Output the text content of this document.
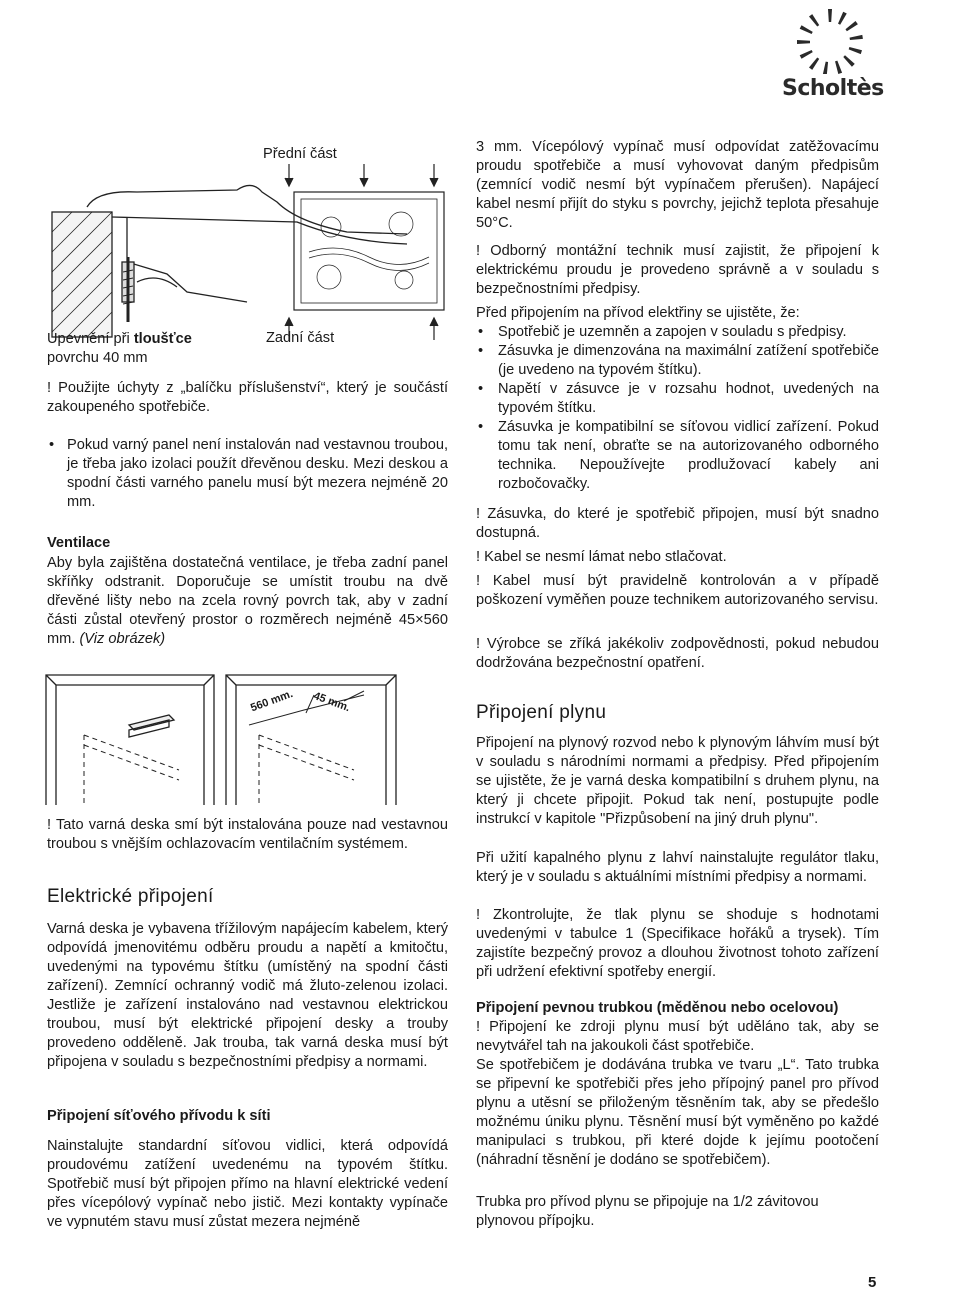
Scholtès
Přední část
Zadní část
Upevnění při tloušťce
povrchu 40 mm

! Použijte úchyty z „balíčku příslušenství“, který je součástí zakoupeného spotřebiče.

• Pokud varný panel není instalován nad vestavnou troubou, je třeba jako izolaci použít dřevěnou desku. Mezi deskou a spodní části varného panelu musí být mezera nejméně 20 mm.
Ventilace

Aby byla zajištěna dostatečná ventilace, je třeba zadní panel skříňky odstranit. Doporučuje se umístit troubu na dvě dřevěné lišty nebo na zcela rovný povrch tak, aby v zadní části zůstal otevřený prostor o rozměrech nejméně 45×560 mm. (Viz obrázek)

560 mm. 45 mm.

! Tato varná deska smí být instalována pouze nad vestavnou troubou s vnějším ochlazovacím ventilačním systémem.

Elektrické připojení

Varná deska je vybavena třížilovým napájecím kabelem, který odpovídá jmenovitému odběru proudu a napětí a kmitočtu, uvedenými na typovému štítku (umístěný na spodní části zařízení). Zemnící ochranný vodič má žluto-zelenou izolaci. Jestliže je zařízení instalováno nad vestavnou elektrickou troubou, musí být elektrické připojení desky a trouby provedeno odděleně. Jak trouba, tak varná deska musí být připojena v souladu s bezpečnostními předpisy a normami.

Připojení síťového přívodu k síti

Nainstalujte standardní síťovou vidlici, která odpovídá proudovému zatížení uvedenému na typovém štítku. Spotřebič musí být připojen přímo na hlavní elektrické vedení přes vícepólový vypínač nebo jistič. Mezi kontakty vypínače ve vypnutém stavu musí zůstat mezera nejméně

3 mm. Vícepólový vypínač musí odpovídat zatěžovacímu proudu spotřebiče a musí vyhovovat daným předpisům (zemnící vodič nesmí být vypínačem přerušen). Napájecí kabel nesmí přijít do styku s povrchy, jejichž teplota přesahuje 50°C.

! Odborný montážní technik musí zajistit, že připojení k elektrickému proudu je provedeno správně a v souladu s bezpečnostními předpisy.

Před připojením na přívod elektřiny se ujistěte, že:

• Spotřebič je uzemněn a zapojen v souladu s předpisy.
• Zásuvka je dimenzována na maximální zatížení spotřebiče (je uvedeno na typovém štítku).
• Napětí v zásuvce je v rozsahu hodnot, uvedených na typovém štítku.
• Zásuvka je kompatibilní se síťovou vidlicí zařízení. Pokud tomu tak není, obraťte se na autorizovaného odborného technika. Nepoužívejte prodlužovací kabely ani rozbočovačky.

! Zásuvka, do které je spotřebič připojen, musí být snadno dostupná.

! Kabel se nesmí lámat nebo stlačovat.

! Kabel musí být pravidelně kontrolován a v případě poškození vyměňen pouze technikem autorizovaného servisu.

! Výrobce se zříká jakékoliv zodpovědnosti, pokud nebudou dodržována bezpečnostní opatření.

Připojení plynu

Připojení na plynový rozvod nebo k plynovým láhvím musí být v souladu s národními normami a předpisy. Před připojením se ujistěte, že je varná deska kompatibilní s druhem plynu, na který ji chcete připojit. Pokud tak není, postupujte podle instrukcí v kapitole "Přizpůsobení na jiný druh plynu".

Při užití kapalného plynu z lahví nainstalujte regulátor tlaku, který je v souladu s aktuálními místními předpisy a normami.

! Zkontrolujte, že tlak plynu se shoduje s hodnotami uvedenými v tabulce 1 (Specifikace hořáků a trysek). Tím zajistíte bezpečný provoz a dlouhou životnost tohoto zařízení při udržení efektivní spotřeby energií.

Připojení pevnou trubkou (měděnou nebo ocelovou)

! Připojení ke zdroji plynu musí být uděláno tak, aby se nevytvářel tah na jakoukoli část spotřebiče.

Se spotřebičem je dodávána trubka ve tvaru „L“. Tato trubka se připevní ke spotřebiči přes jeho přípojný panel pro přívod plynu a utěsní se přiloženým těsněním tak, aby se předešlo možnému úniku plynu. Těsnění musí být vyměněno po každé manipulaci s trubkou, při které dojde k jejímu pootočení (náhradní těsnění je dodáno se spotřebičem).

Trubka pro přívod plynu se připojuje na 1/2 závitovou plynovou přípojku.

5
